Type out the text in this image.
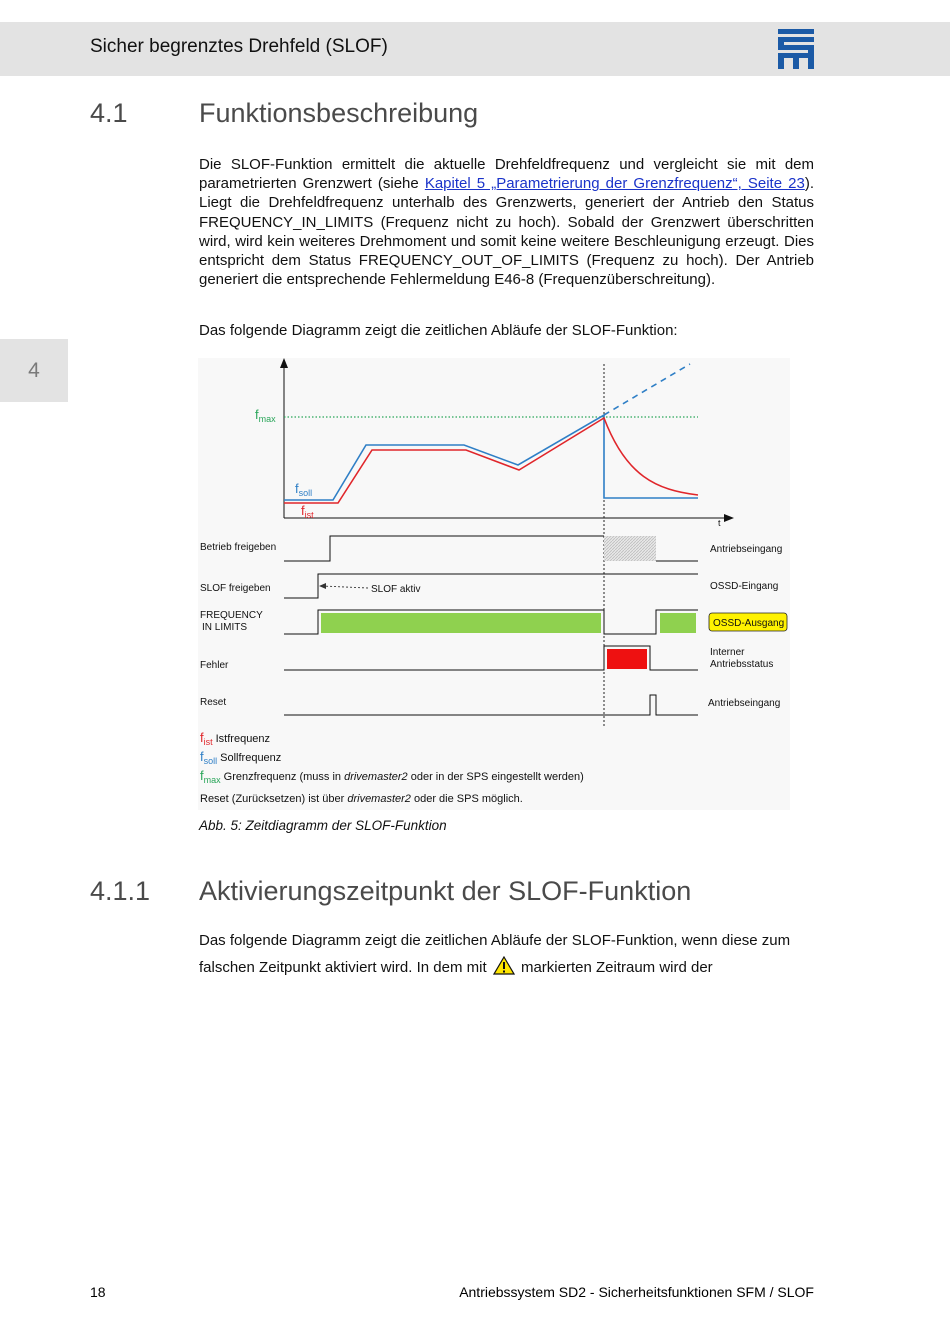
Sicher begrenztes Drehfeld (SLOF)
4
4.1	Funktionsbeschreibung
Die SLOF-Funktion ermittelt die aktuelle Drehfeldfrequenz und vergleicht sie mit dem parametrierten Grenzwert (siehe Kapitel 5 „Parametrierung der Grenzfrequenz“, Seite 23). Liegt die Drehfeldfrequenz unterhalb des Grenzwerts, generiert der Antrieb den Status FREQUENCY_IN_LIMITS (Frequenz nicht zu hoch). Sobald der Grenzwert überschritten wird, wird kein weiteres Drehmoment und somit keine weitere Beschleunigung erzeugt. Dies entspricht dem Status FREQUENCY_OUT_OF_LIMITS (Frequenz zu hoch). Der Antrieb generiert die entsprechende Fehlermeldung E46-8 (Frequenzüberschreitung).
Das folgende Diagramm zeigt die zeitlichen Abläufe der SLOF-Funktion:
t
$f_{max}$
$f_{soll}$
$f_{ist}$
Betrieb freigeben
SLOF freigeben
FREQUENCY
IN LIMITS
Fehler
Reset
SLOF aktiv
Antriebseingang
OSSD-Eingang
OSSD-Ausgang
Interner
Antriebsstatus
Antriebseingang
$f_{ist}$ Istfrequenz
$f_{soll}$ Sollfrequenz
$f_{max}$ Grenzfrequenz (muss in drivemaster2 oder in der SPS eingestellt werden)
Reset (Zurücksetzen) ist über drivemaster2 oder die SPS möglich.
Abb. 5: Zeitdiagramm der SLOF-Funktion
4.1.1 Aktivierungszeitpunkt der SLOF-Funktion
Das folgende Diagramm zeigt die zeitlichen Abläufe der SLOF-Funktion, wenn diese zum falschen Zeitpunkt aktiviert wird. In dem mit markierten Zeitraum wird der
18	Antriebssystem SD2 - Sicherheitsfunktionen SFM / SLOF
